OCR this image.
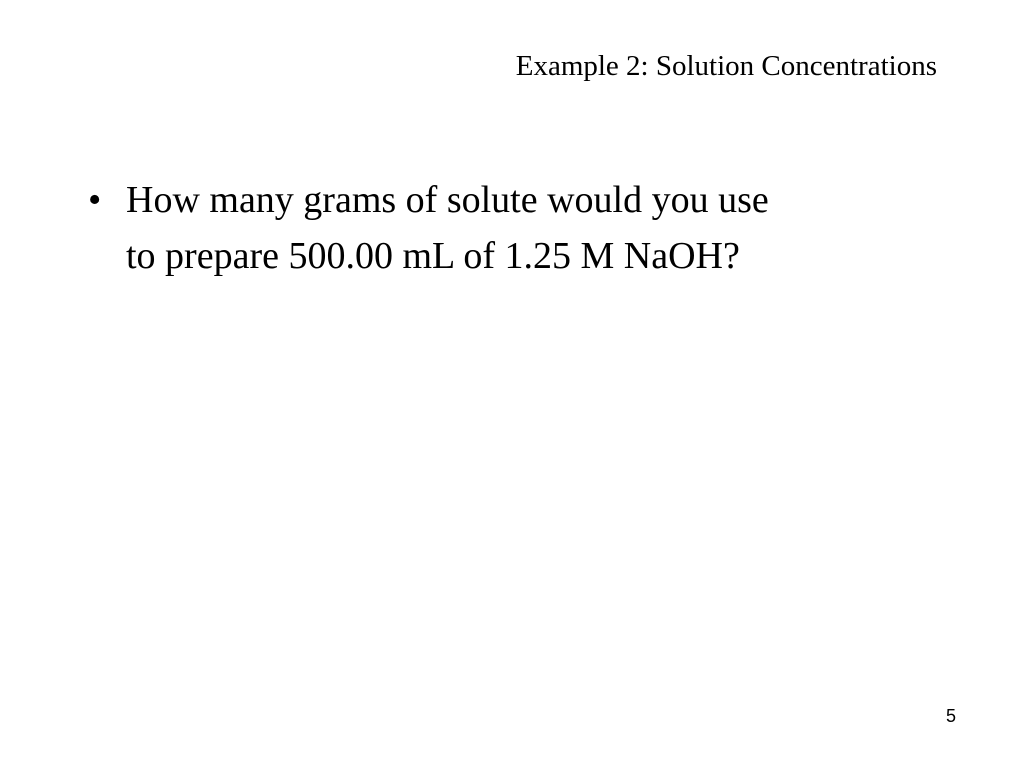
Example 2: Solution Concentrations
• How many grams of solute would you use
to prepare 500.00 mL of 1.25 M NaOH?
5
